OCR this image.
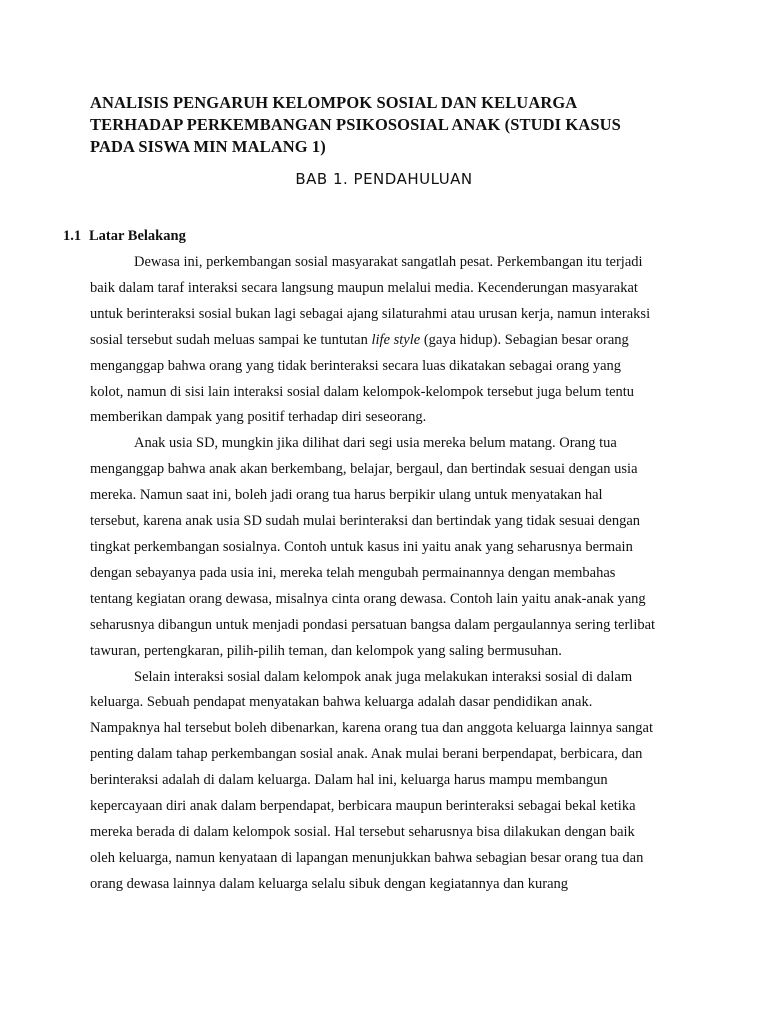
ANALISIS PENGARUH KELOMPOK SOSIAL DAN KELUARGA
TERHADAP PERKEMBANGAN PSIKOSOSIAL ANAK (STUDI KASUS
PADA SISWA MIN MALANG 1)
BAB 1. PENDAHULUAN
1.1 Latar Belakang
Dewasa ini, perkembangan sosial masyarakat sangatlah pesat. Perkembangan itu terjadi
baik dalam taraf interaksi secara langsung maupun melalui media. Kecenderungan masyarakat
untuk berinteraksi sosial bukan lagi sebagai ajang silaturahmi atau urusan kerja, namun interaksi
sosial tersebut sudah meluas sampai ke tuntutan life style (gaya hidup). Sebagian besar orang
menganggap bahwa orang yang tidak berinteraksi secara luas dikatakan sebagai orang yang
kolot, namun di sisi lain interaksi sosial dalam kelompok-kelompok tersebut juga belum tentu
memberikan dampak yang positif terhadap diri seseorang.
Anak usia SD, mungkin jika dilihat dari segi usia mereka belum matang. Orang tua
menganggap bahwa anak akan berkembang, belajar, bergaul, dan bertindak sesuai dengan usia
mereka. Namun saat ini, boleh jadi orang tua harus berpikir ulang untuk menyatakan hal
tersebut, karena anak usia SD sudah mulai berinteraksi dan bertindak yang tidak sesuai dengan
tingkat perkembangan sosialnya. Contoh untuk kasus ini yaitu anak yang seharusnya bermain
dengan sebayanya pada usia ini, mereka telah mengubah permainannya dengan membahas
tentang kegiatan orang dewasa, misalnya cinta orang dewasa. Contoh lain yaitu anak-anak yang
seharusnya dibangun untuk menjadi pondasi persatuan bangsa dalam pergaulannya sering terlibat
tawuran, pertengkaran, pilih-pilih teman, dan kelompok yang saling bermusuhan.
Selain interaksi sosial dalam kelompok anak juga melakukan interaksi sosial di dalam
keluarga. Sebuah pendapat menyatakan bahwa keluarga adalah dasar pendidikan anak.
Nampaknya hal tersebut boleh dibenarkan, karena orang tua dan anggota keluarga lainnya sangat
penting dalam tahap perkembangan sosial anak. Anak mulai berani berpendapat, berbicara, dan
berinteraksi adalah di dalam keluarga. Dalam hal ini, keluarga harus mampu membangun
kepercayaan diri anak dalam berpendapat, berbicara maupun berinteraksi sebagai bekal ketika
mereka berada di dalam kelompok sosial. Hal tersebut seharusnya bisa dilakukan dengan baik
oleh keluarga, namun kenyataan di lapangan menunjukkan bahwa sebagian besar orang tua dan
orang dewasa lainnya dalam keluarga selalu sibuk dengan kegiatannya dan kurang
